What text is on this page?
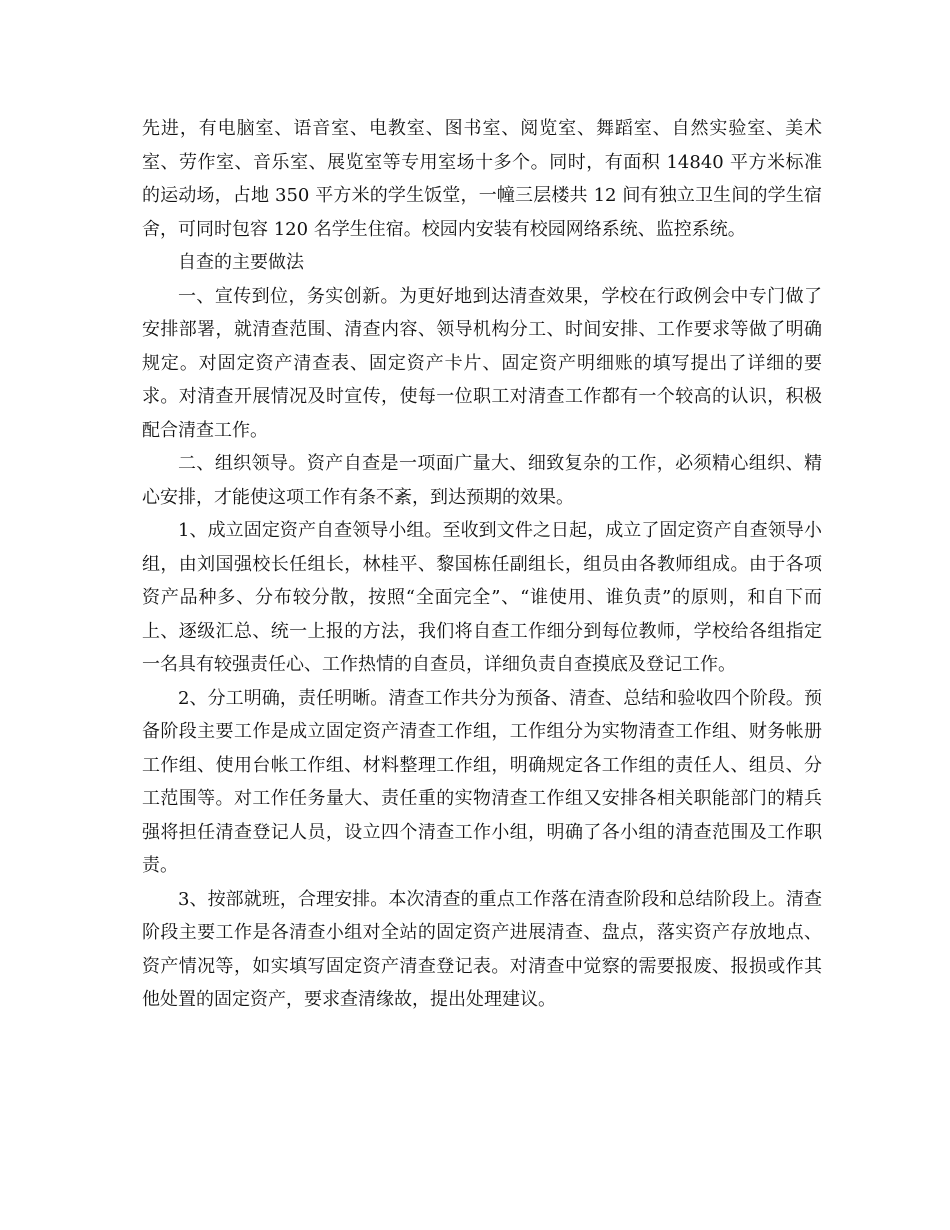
先进，有电脑室、语音室、电教室、图书室、阅览室、舞蹈室、自然实验室、美术室、劳作室、音乐室、展览室等专用室场十多个。同时，有面积 14840 平方米标准的运动场，占地 350 平方米的学生饭堂，一幢三层楼共 12 间有独立卫生间的学生宿舍，可同时包容 120 名学生住宿。校园内安装有校园网络系统、监控系统。

自查的主要做法

一、宣传到位，务实创新。为更好地到达清查效果，学校在行政例会中专门做了安排部署，就清查范围、清查内容、领导机构分工、时间安排、工作要求等做了明确规定。对固定资产清查表、固定资产卡片、固定资产明细账的填写提出了详细的要求。对清查开展情况及时宣传，使每一位职工对清查工作都有一个较高的认识，积极配合清查工作。

二、组织领导。资产自查是一项面广量大、细致复杂的工作，必须精心组织、精心安排，才能使这项工作有条不紊，到达预期的效果。

1、成立固定资产自查领导小组。至收到文件之日起，成立了固定资产自查领导小组，由刘国强校长任组长，林桂平、黎国栋任副组长，组员由各教师组成。由于各项资产品种多、分布较分散，按照“全面完全”、“谁使用、谁负责”的原则，和自下而上、逐级汇总、统一上报的方法，我们将自查工作细分到每位教师，学校给各组指定一名具有较强责任心、工作热情的自查员，详细负责自查摸底及登记工作。

2、分工明确，责任明晰。清查工作共分为预备、清查、总结和验收四个阶段。预备阶段主要工作是成立固定资产清查工作组，工作组分为实物清查工作组、财务帐册工作组、使用台帐工作组、材料整理工作组，明确规定各工作组的责任人、组员、分工范围等。对工作任务量大、责任重的实物清查工作组又安排各相关职能部门的精兵强将担任清查登记人员，设立四个清查工作小组，明确了各小组的清查范围及工作职责。

3、按部就班，合理安排。本次清查的重点工作落在清查阶段和总结阶段上。清查阶段主要工作是各清查小组对全站的固定资产进展清查、盘点，落实资产存放地点、资产情况等，如实填写固定资产清查登记表。对清查中觉察的需要报废、报损或作其他处置的固定资产，要求查清缘故，提出处理建议。
